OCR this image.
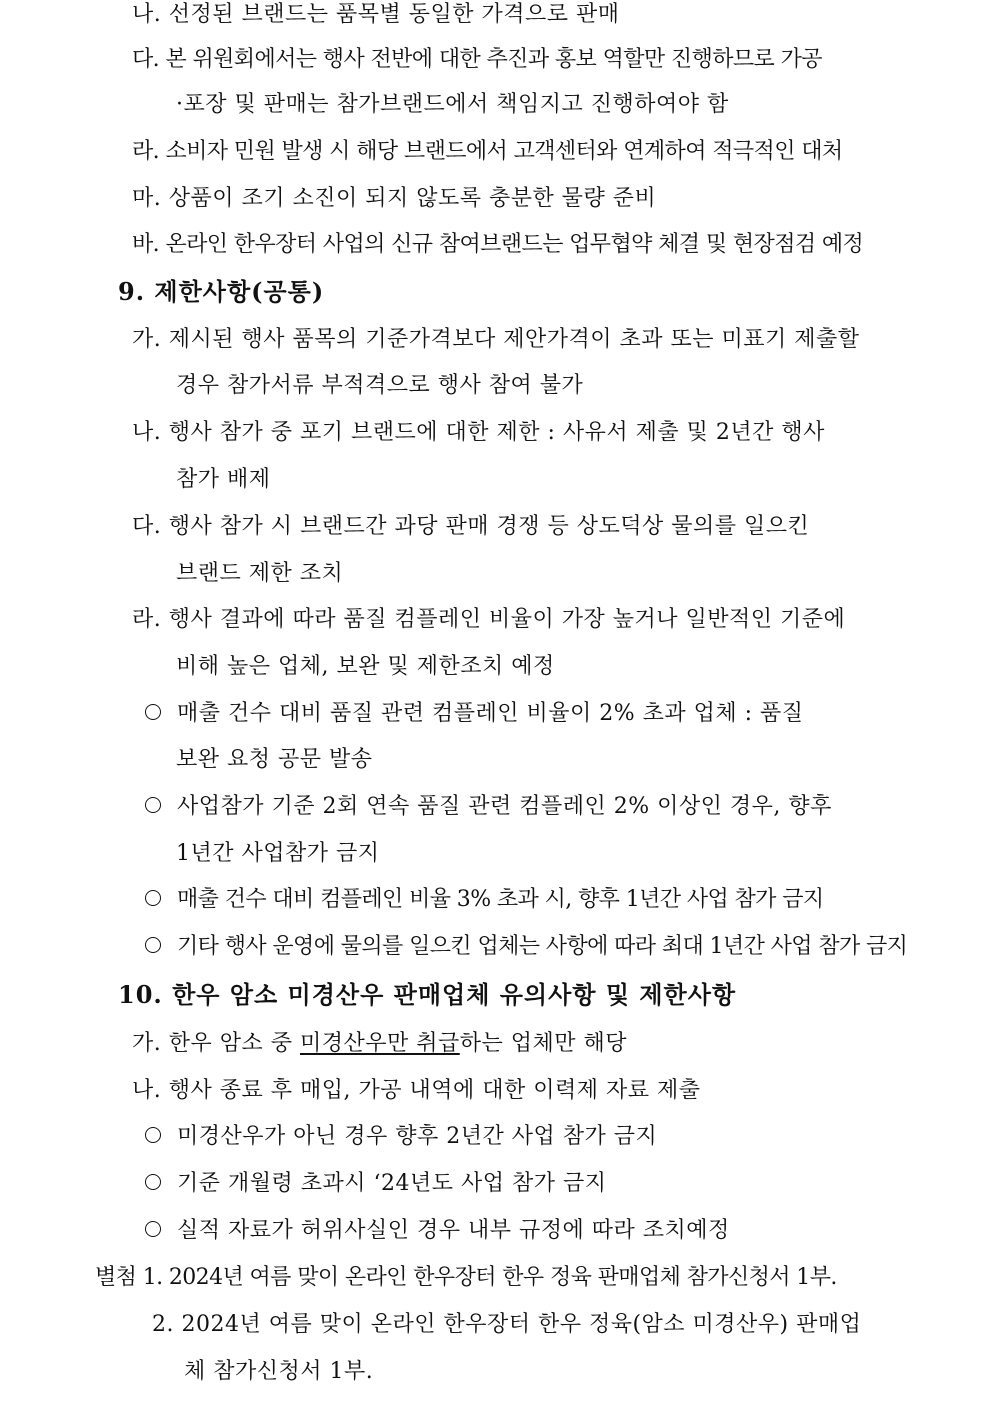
나. 선정된 브랜드는 품목별 동일한 가격으로 판매
다. 본 위원회에서는 행사 전반에 대한 추진과 홍보 역할만 진행하므로 가공
·포장 및 판매는 참가브랜드에서 책임지고 진행하여야 함
라. 소비자 민원 발생 시 해당 브랜드에서 고객센터와 연계하여 적극적인 대처
마. 상품이 조기 소진이 되지 않도록 충분한 물량 준비
바. 온라인 한우장터 사업의 신규 참여브랜드는 업무협약 체결 및 현장점검 예정
9. 제한사항(공통)
가. 제시된 행사 품목의 기준가격보다 제안가격이 초과 또는 미표기 제출할
경우 참가서류 부적격으로 행사 참여 불가
나. 행사 참가 중 포기 브랜드에 대한 제한 : 사유서 제출 및 2년간 행사
참가 배제
다. 행사 참가 시 브랜드간 과당 판매 경쟁 등 상도덕상 물의를 일으킨
브랜드 제한 조치
라. 행사 결과에 따라 품질 컴플레인 비율이 가장 높거나 일반적인 기준에
비해 높은 업체, 보완 및 제한조치 예정
매출 건수 대비 품질 관련 컴플레인 비율이 2% 초과 업체 : 품질
보완 요청 공문 발송
사업참가 기준 2회 연속 품질 관련 컴플레인 2% 이상인 경우, 향후
1년간 사업참가 금지
매출 건수 대비 컴플레인 비율 3% 초과 시, 향후 1년간 사업 참가 금지
기타 행사 운영에 물의를 일으킨 업체는 사항에 따라 최대 1년간 사업 참가 금지
10. 한우 암소 미경산우 판매업체 유의사항 및 제한사항
가. 한우 암소 중 미경산우만 취급하는 업체만 해당
나. 행사 종료 후 매입, 가공 내역에 대한 이력제 자료 제출
미경산우가 아닌 경우 향후 2년간 사업 참가 금지
기준 개월령 초과시 ‘24년도 사업 참가 금지
실적 자료가 허위사실인 경우 내부 규정에 따라 조치예정
별첨 1. 2024년 여름 맞이 온라인 한우장터 한우 정육 판매업체 참가신청서 1부.
2. 2024년 여름 맞이 온라인 한우장터 한우 정육(암소 미경산우) 판매업
체 참가신청서 1부.
